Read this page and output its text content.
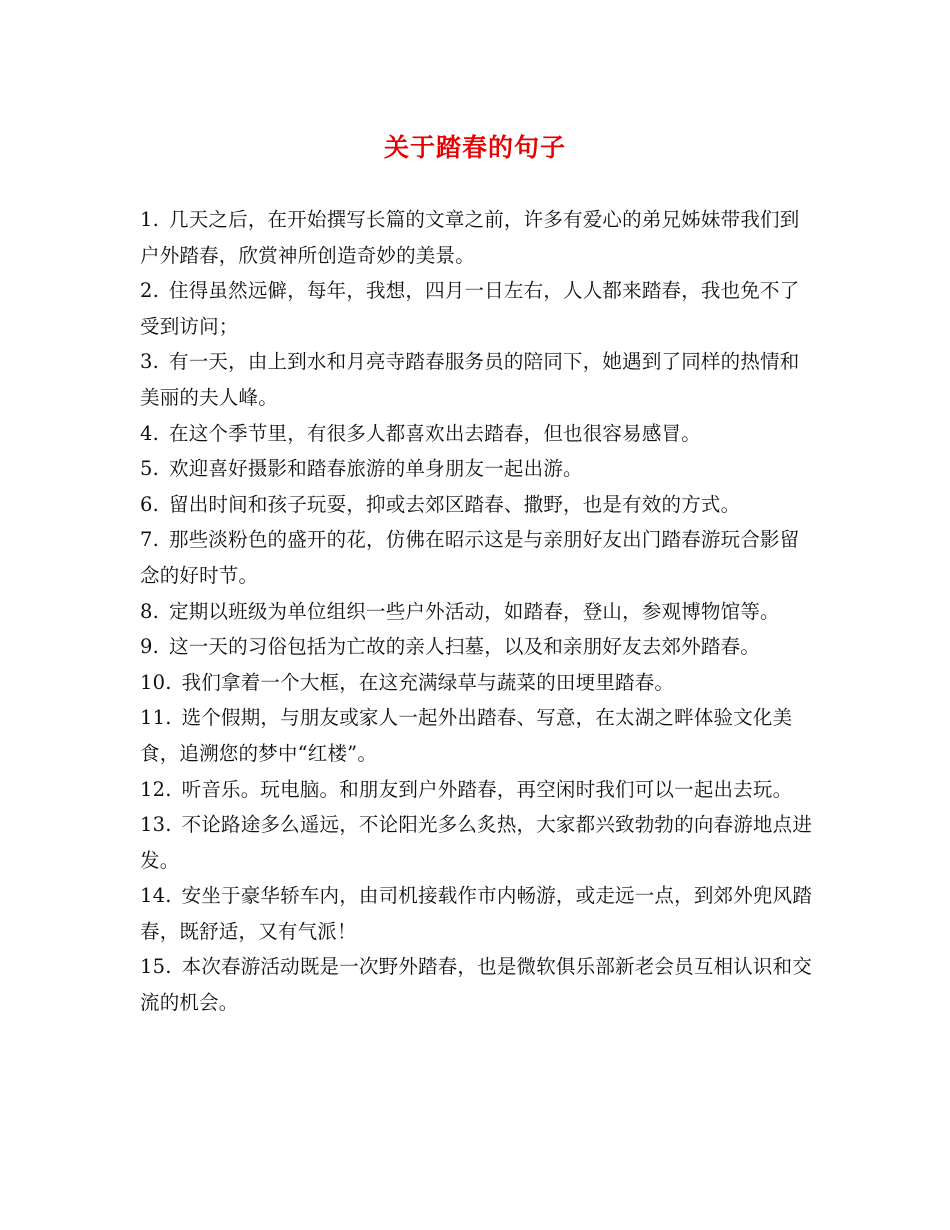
关于踏春的句子

1. 几天之后，在开始撰写长篇的文章之前，许多有爱心的弟兄姊妹带我们到户外踏春，欣赏神所创造奇妙的美景。

2. 住得虽然远僻，每年，我想，四月一日左右，人人都来踏春，我也免不了受到访问；

3. 有一天，由上到水和月亮寺踏春服务员的陪同下，她遇到了同样的热情和美丽的夫人峰。

4. 在这个季节里，有很多人都喜欢出去踏春，但也很容易感冒。

5. 欢迎喜好摄影和踏春旅游的单身朋友一起出游。

6. 留出时间和孩子玩耍，抑或去郊区踏春、撒野，也是有效的方式。

7. 那些淡粉色的盛开的花，仿佛在昭示这是与亲朋好友出门踏春游玩合影留念的好时节。

8. 定期以班级为单位组织一些户外活动，如踏春，登山，参观博物馆等。

9. 这一天的习俗包括为亡故的亲人扫墓，以及和亲朋好友去郊外踏春。

10. 我们拿着一个大框，在这充满绿草与蔬菜的田埂里踏春。

11. 选个假期，与朋友或家人一起外出踏春、写意，在太湖之畔体验文化美食，追溯您的梦中“红楼”。

12. 听音乐。玩电脑。和朋友到户外踏春，再空闲时我们可以一起出去玩。

13. 不论路途多么遥远，不论阳光多么炙热，大家都兴致勃勃的向春游地点进发。

14. 安坐于豪华轿车内，由司机接载作市内畅游，或走远一点，到郊外兜风踏春，既舒适，又有气派！

15. 本次春游活动既是一次野外踏春，也是微软俱乐部新老会员互相认识和交流的机会。
